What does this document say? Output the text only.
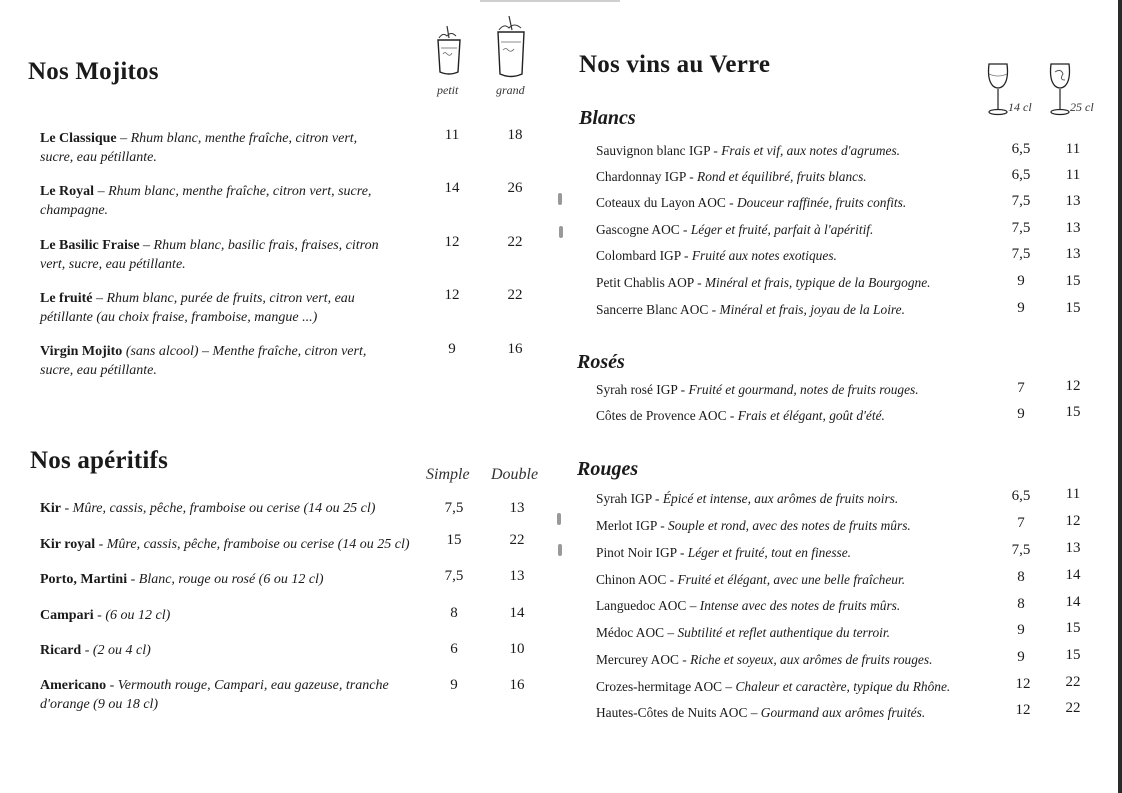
Nos Mojitos
petit	grand
Le Classique – Rhum blanc, menthe fraîche, citron vert, sucre, eau pétillante.
11	18
Le Royal – Rhum blanc, menthe fraîche, citron vert, sucre, champagne.
14	26
Le Basilic Fraise – Rhum blanc, basilic frais, fraises, citron vert, sucre, eau pétillante.
12	22
Le fruité – Rhum blanc, purée de fruits, citron vert, eau pétillante (au choix fraise, framboise, mangue ...)
12	22
Virgin Mojito (sans alcool) – Menthe fraîche, citron vert, sucre, eau pétillante.
9	16
Nos apéritifs
Simple Double
Kir - Mûre, cassis, pêche, framboise ou cerise (14 ou 25 cl)	7,5	13
Kir royal - Mûre, cassis, pêche, framboise ou cerise (14 ou 25 cl)	15	22
Porto, Martini - Blanc, rouge ou rosé (6 ou 12 cl)	7,5	13
Campari - (6 ou 12 cl)	8	14
Ricard - (2 ou 4 cl)	6	10
Americano - Vermouth rouge, Campari, eau gazeuse, tranche d'orange (9 ou 18 cl)
9	16
Nos vins au Verre
14 cl	25 cl
Blancs
Sauvignon blanc IGP - Frais et vif, aux notes d'agrumes.	6,5	11
Chardonnay IGP - Rond et équilibré, fruits blancs.	6,5	11
Coteaux du Layon AOC - Douceur raffinée, fruits confits.	7,5	13
Gascogne AOC - Léger et fruité, parfait à l'apéritif.	7,5	13
Colombard IGP - Fruité aux notes exotiques.	7,5	13
Petit Chablis AOP - Minéral et frais, typique de la Bourgogne.	9	15
Sancerre Blanc AOC - Minéral et frais, joyau de la Loire.	9	15
Rosés
Syrah rosé IGP - Fruité et gourmand, notes de fruits rouges.	7	12
Côtes de Provence AOC - Frais et élégant, goût d'été.	9	15
Rouges
Syrah IGP - Épicé et intense, aux arômes de fruits noirs.	6,5	11
Merlot IGP - Souple et rond, avec des notes de fruits mûrs.	7	12
Pinot Noir IGP - Léger et fruité, tout en finesse.	7,5	13
Chinon AOC - Fruité et élégant, avec une belle fraîcheur.	8	14
Languedoc AOC – Intense avec des notes de fruits mûrs.	8	14
Médoc AOC – Subtilité et reflet authentique du terroir.	9	15
Mercurey AOC - Riche et soyeux, aux arômes de fruits rouges.	9	15
Crozes-hermitage AOC – Chaleur et caractère, typique du Rhône.	12	22
Hautes-Côtes de Nuits AOC – Gourmand aux arômes fruités.	12	22
